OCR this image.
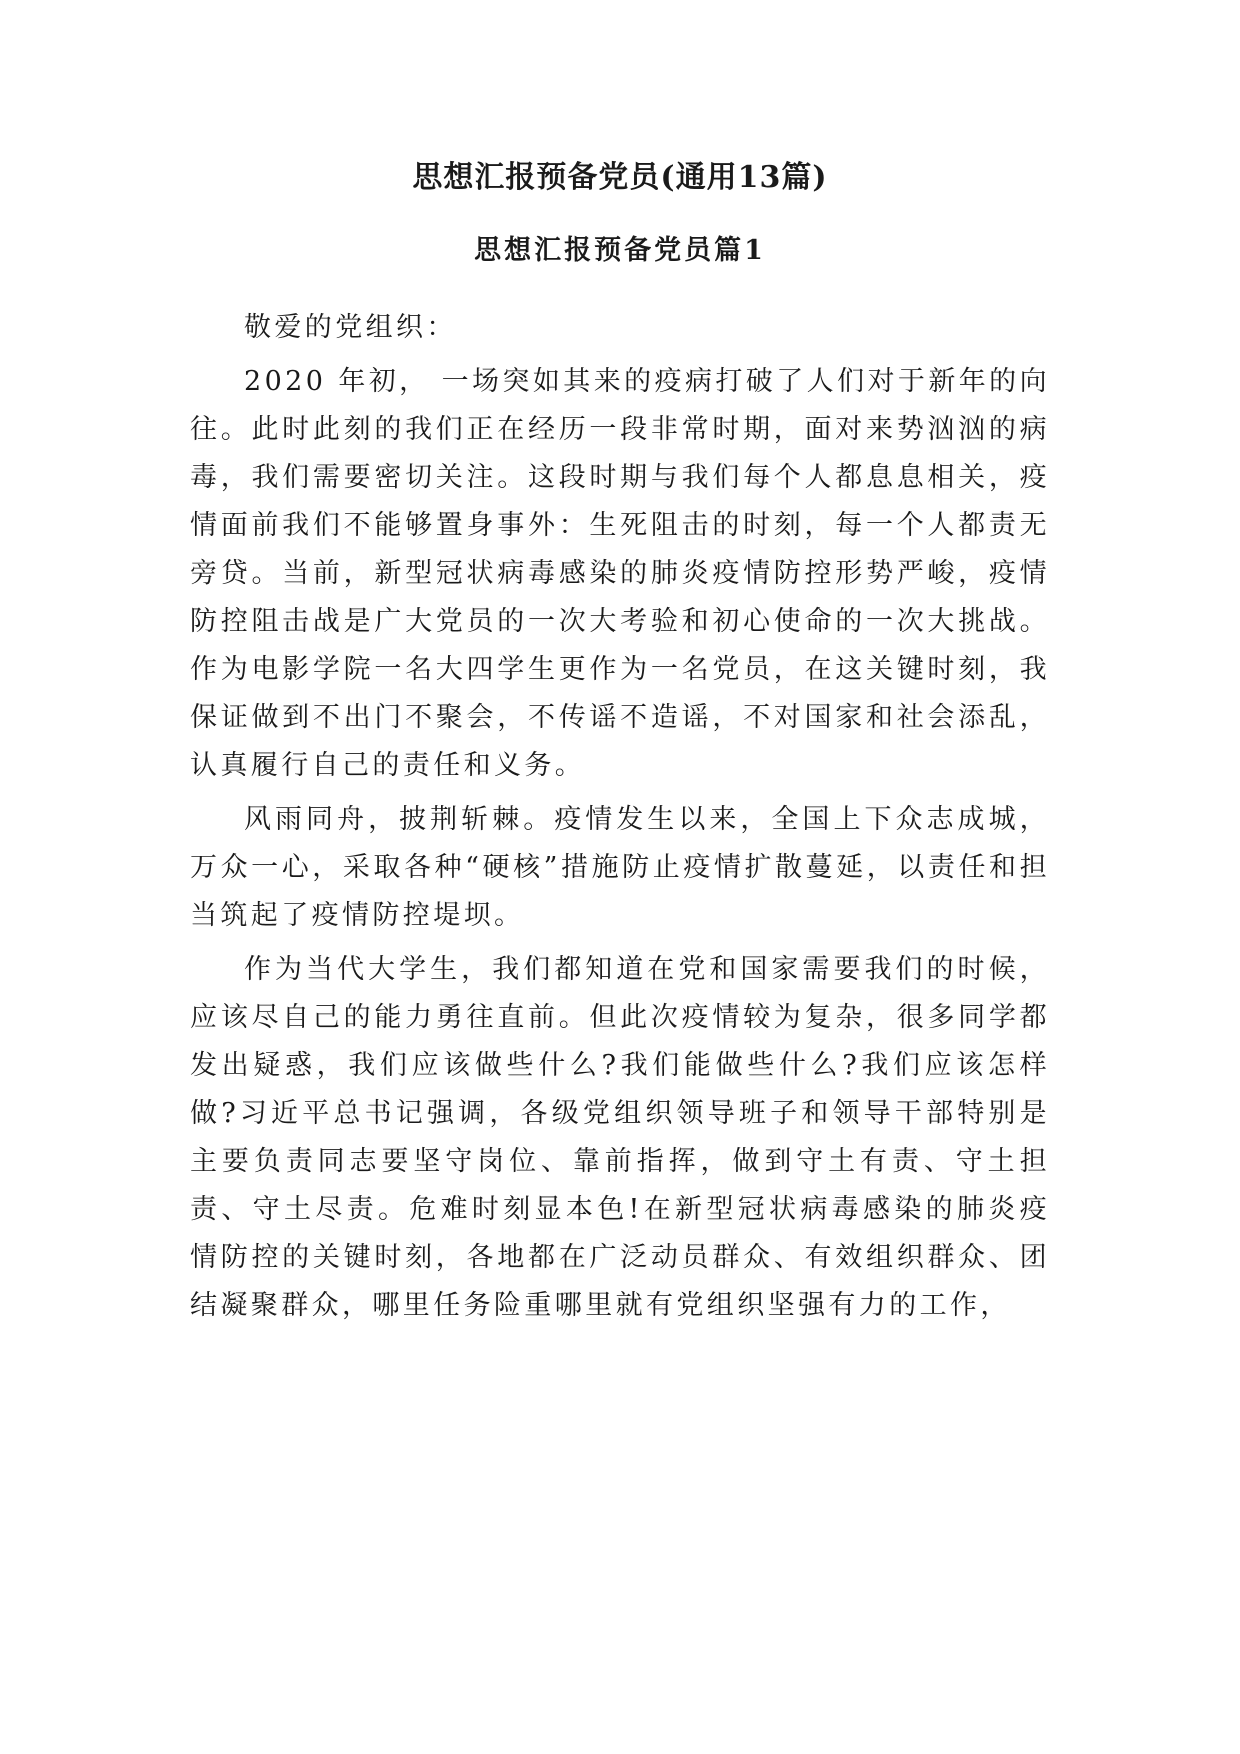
思想汇报预备党员(通用13篇)
思想汇报预备党员篇1

敬爱的党组织：

2020 年初， 一场突如其来的疫病打破了人们对于新年的向往。此时此刻的我们正在经历一段非常时期，面对来势汹汹的病毒，我们需要密切关注。这段时期与我们每个人都息息相关，疫情面前我们不能够置身事外：生死阻击的时刻，每一个人都责无旁贷。当前，新型冠状病毒感染的肺炎疫情防控形势严峻，疫情防控阻击战是广大党员的一次大考验和初心使命的一次大挑战。作为电影学院一名大四学生更作为一名党员，在这关键时刻，我保证做到不出门不聚会，不传谣不造谣，不对国家和社会添乱，认真履行自己的责任和义务。

风雨同舟，披荆斩棘。疫情发生以来，全国上下众志成城，万众一心，采取各种“硬核”措施防止疫情扩散蔓延，以责任和担当筑起了疫情防控堤坝。

作为当代大学生，我们都知道在党和国家需要我们的时候，应该尽自己的能力勇往直前。但此次疫情较为复杂，很多同学都发出疑惑，我们应该做些什么?我们能做些什么?我们应该怎样做?习近平总书记强调，各级党组织领导班子和领导干部特别是主要负责同志要坚守岗位、靠前指挥，做到守土有责、守土担责、守土尽责。危难时刻显本色!在新型冠状病毒感染的肺炎疫情防控的关键时刻，各地都在广泛动员群众、有效组织群众、团结凝聚群众，哪里任务险重哪里就有党组织坚强有力的工作，
